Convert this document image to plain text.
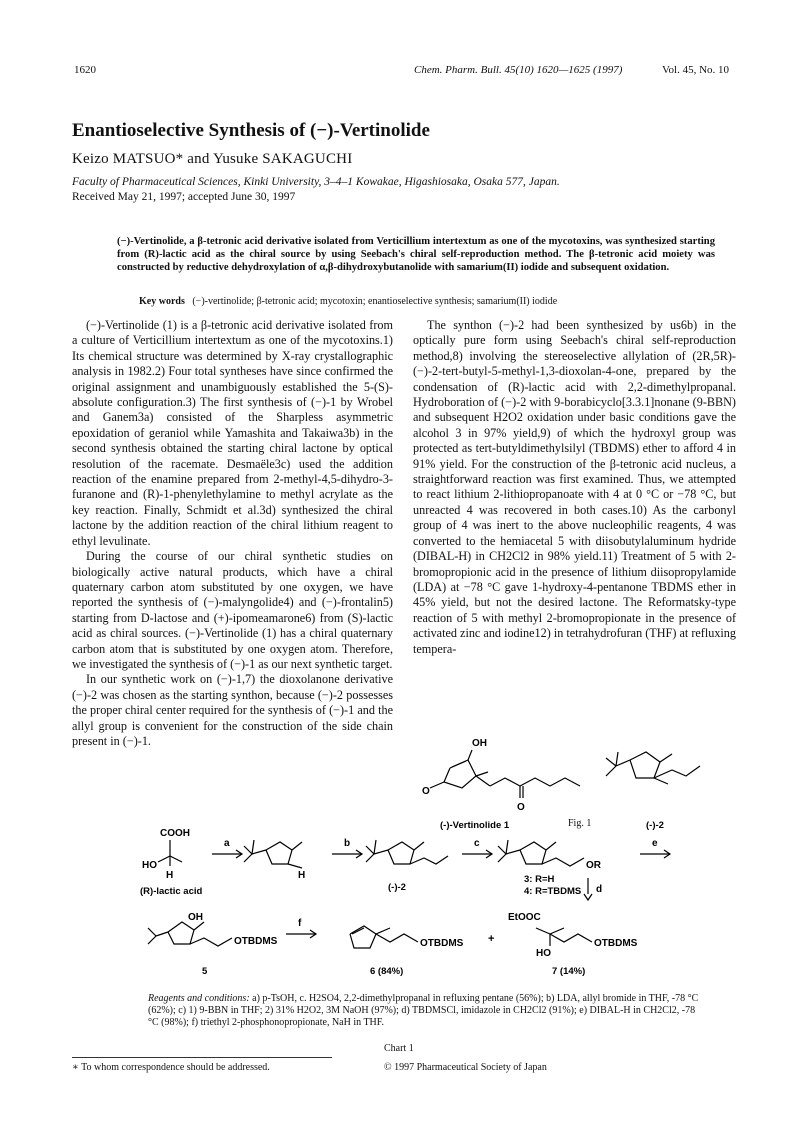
1620	Chem. Pharm. Bull. 45(10) 1620—1625 (1997)	Vol. 45, No. 10
Enantioselective Synthesis of (−)-Vertinolide
Keizo MATSUO* and Yusuke SAKAGUCHI
Faculty of Pharmaceutical Sciences, Kinki University, 3–4–1 Kowakae, Higashiosaka, Osaka 577, Japan.
Received May 21, 1997; accepted June 30, 1997
(−)-Vertinolide, a β-tetronic acid derivative isolated from Verticillium intertextum as one of the mycotoxins, was synthesized starting from (R)-lactic acid as the chiral source by using Seebach's chiral self-reproduction method. The β-tetronic acid moiety was constructed by reductive dehydroxylation of α,β-dihydroxybutanolide with samarium(II) iodide and subsequent oxidation.
Key words (−)-vertinolide; β-tetronic acid; mycotoxin; enantioselective synthesis; samarium(II) iodide

(−)-Vertinolide (1) is a β-tetronic acid derivative isolated from a culture of Verticillium intertextum as one of the mycotoxins.1) Its chemical structure was determined by X-ray crystallographic analysis in 1982.2) Four total syntheses have since confirmed the original assignment and unambiguously established the 5-(S)-absolute configuration.3) The first synthesis of (−)-1 by Wrobel and Ganem3a) consisted of the Sharpless asymmetric epoxidation of geraniol while Yamashita and Takaiwa3b) in the second synthesis obtained the starting chiral lactone by optical resolution of the racemate. Desmaële3c) used the addition reaction of the enamine prepared from 2-methyl-4,5-dihydro-3-furanone and (R)-1-phenylethylamine to methyl acrylate as the key reaction. Finally, Schmidt et al.3d) synthesized the chiral lactone by the addition reaction of the chiral lithium reagent to ethyl levulinate.

During the course of our chiral synthetic studies on biologically active natural products, which have a chiral quaternary carbon atom substituted by one oxygen, we have reported the synthesis of (−)-malyngolide4) and (−)-frontalin5) starting from D-lactose and (+)-ipomeamarone6) from (S)-lactic acid as chiral sources. (−)-Vertinolide (1) has a chiral quaternary carbon atom that is substituted by one oxygen atom. Therefore, we investigated the synthesis of (−)-1 as our next synthetic target.

In our synthetic work on (−)-1,7) the dioxolanone derivative (−)-2 was chosen as the starting synthon, because (−)-2 possesses the proper chiral center required for the synthesis of (−)-1 and the allyl group is convenient for the construction of the side chain present in (−)-1.

The synthon (−)-2 had been synthesized by us6b) in the optically pure form using Seebach's chiral self-reproduction method,8) involving the stereoselective allylation of (2R,5R)-(−)-2-tert-butyl-5-methyl-1,3-dioxolan-4-one, prepared by the condensation of (R)-lactic acid with 2,2-dimethylpropanal. Hydroboration of (−)-2 with 9-borabicyclo[3.3.1]nonane (9-BBN) and subsequent H2O2 oxidation under basic conditions gave the alcohol 3 in 97% yield,9) of which the hydroxyl group was protected as tert-butyldimethylsilyl (TBDMS) ether to afford 4 in 91% yield. For the construction of the β-tetronic acid nucleus, a straightforward reaction was first examined. Thus, we attempted to react lithium 2-lithiopropanoate with 4 at 0 °C or −78 °C, but unreacted 4 was recovered in both cases.10) As the carbonyl group of 4 was inert to the above nucleophilic reagents, 4 was converted to the hemiacetal 5 with diisobutylaluminum hydride (DIBAL-H) in CH2Cl2 in 98% yield.11) Treatment of 5 with 2-bromopropionic acid in the presence of lithium diisopropylamide (LDA) at −78 °C gave 1-hydroxy-4-pentanone TBDMS ether in 45% yield, but not the desired lactone. The Reformatsky-type reaction of 5 with methyl 2-bromopropionate in the presence of activated zinc and iodine12) in tetrahydrofuran (THF) at refluxing tempera-

OH
O
O
(-)-Vertinolide 1	(-)-2
Fig. 1
COOH
HO
H
(R)-lactic acid
a	b	c	e
d
H
(-)-2
OR
3: R=H
4: R=TBDMS
OH
OTBDMS
f
OTBDMS +
EtOOC
HO
OTBDMS
5	6 (84%)	7 (14%)
Reagents and conditions: a) p-TsOH, c. H2SO4, 2,2-dimethylpropanal in refluxing pentane (56%); b) LDA, allyl bromide in THF, -78 °C (62%); c) 1) 9-BBN in THF; 2) 31% H2O2, 3M NaOH (97%); d) TBDMSCl, imidazole in CH2Cl2 (91%); e) DIBAL-H in CH2Cl2, -78 °C (98%); f) triethyl 2-phosphonopropionate, NaH in THF.
Chart 1
∗ To whom correspondence should be addressed.	© 1997 Pharmaceutical Society of Japan
